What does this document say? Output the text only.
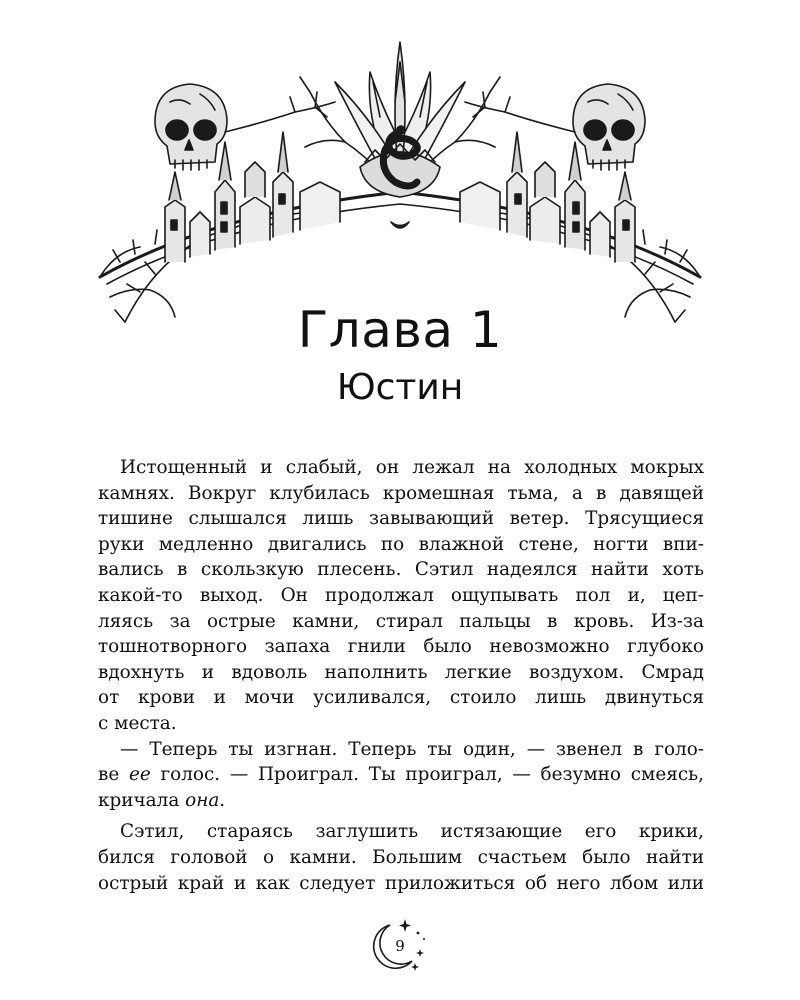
Глава 1
Юстин

Истощенный и слабый, он лежал на холодных мокрых
камнях. Вокруг клубилась кромешная тьма, а в давящей
тишине слышался лишь завывающий ветер. Трясущиеся
руки медленно двигались по влажной стене, ногти впи-
вались в скользкую плесень. Сэтил надеялся найти хоть
какой-то выход. Он продолжал ощупывать пол и, цеп-
ляясь за острые камни, стирал пальцы в кровь. Из-за
тошнотворного запаха гнили было невозможно глубоко
вдохнуть и вдоволь наполнить легкие воздухом. Смрад
от крови и мочи усиливался, стоило лишь двинуться
с места.

— Теперь ты изгнан. Теперь ты один, — звенел в голо-
ве ее голос. — Проиграл. Ты проиграл, — безумно смеясь,
кричала она.

Сэтил, стараясь заглушить истязающие его крики,
бился головой о камни. Большим счастьем было найти
острый край и как следует приложиться об него лбом или

9
